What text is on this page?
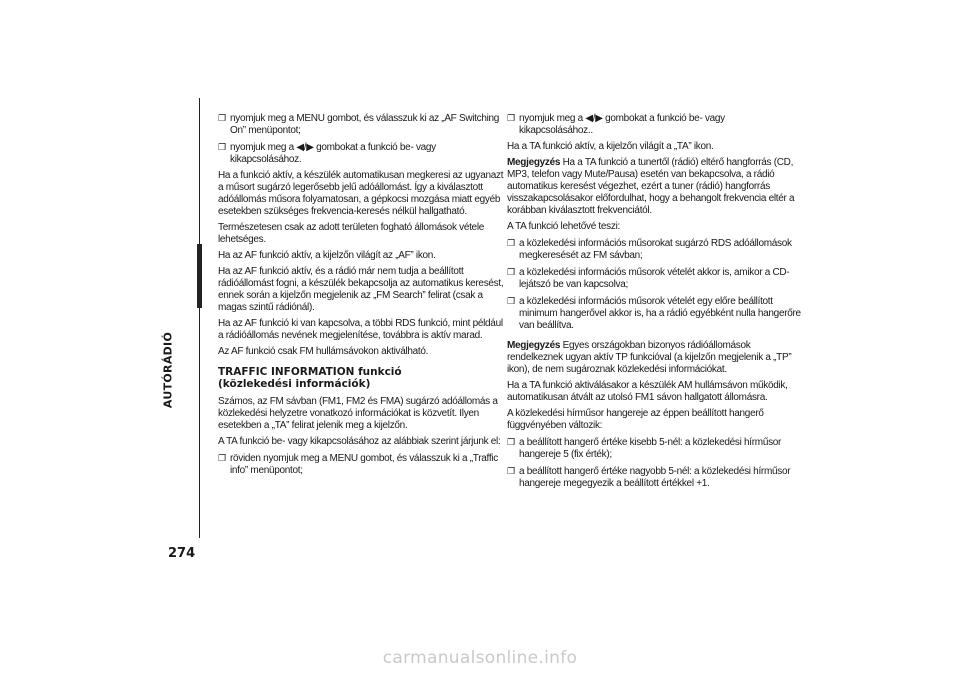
AUTÓRÁDIÓ
274

❐ nyomjuk meg a MENU gombot, és válasszuk ki az „AF Switching On” menüpontot;

❐ nyomjuk meg a ◀/▶ gombokat a funkció be- vagy kikapcsolásához.

Ha a funkció aktív, a készülék automatikusan megkeresi az ugyanazt a műsort sugárzó legerősebb jelű adóállomást. Így a kiválasztott adóállomás műsora folyamatosan, a gépkocsi mozgása miatt egyéb esetekben szükséges frekvencia-keresés nélkül hallgatható.

Természetesen csak az adott területen fogható állomások vétele lehetséges.

Ha az AF funkció aktív, a kijelzőn világít az „AF” ikon.

Ha az AF funkció aktív, és a rádió már nem tudja a beállított rádióállomást fogni, a készülék bekapcsolja az automatikus keresést, ennek során a kijelzőn megjelenik az „FM Search” felirat (csak a magas szintű rádiónál).

Ha az AF funkció ki van kapcsolva, a többi RDS funkció, mint például a rádióállomás nevének megjelenítése, továbbra is aktív marad.

Az AF funkció csak FM hullámsávokon aktiválható.

TRAFFIC INFORMATION funkció
(közlekedési információk)

Számos, az FM sávban (FM1, FM2 és FMA) sugárzó adóállomás a közlekedési helyzetre vonatkozó információkat is közvetít. Ilyen esetekben a „TA” felirat jelenik meg a kijelzőn.

A TA funkció be- vagy kikapcsolásához az alábbiak szerint járjunk el:

❐ röviden nyomjuk meg a MENU gombot, és válasszuk ki a „Traffic info” menüpontot;

❐ nyomjuk meg a ◀/▶ gombokat a funkció be- vagy kikapcsolásához..

Ha a TA funkció aktív, a kijelzőn világít a „TA” ikon.

Megjegyzés Ha a TA funkció a tunertől (rádió) eltérő hangforrás (CD, MP3, telefon vagy Mute/Pausa) esetén van bekapcsolva, a rádió automatikus keresést végezhet, ezért a tuner (rádió) hangforrás visszakapcsolásakor előfordulhat, hogy a behangolt frekvencia eltér a korábban kiválasztott frekvenciától.

A TA funkció lehetővé teszi:

❐ a közlekedési információs műsorokat sugárzó RDS adóállomások megkeresését az FM sávban;

❐ a közlekedési információs műsorok vételét akkor is, amikor a CD-lejátszó be van kapcsolva;

❐ a közlekedési információs műsorok vételét egy előre beállított minimum hangerővel akkor is, ha a rádió egyébként nulla hangerőre van beállítva.

Megjegyzés Egyes országokban bizonyos rádióállomások rendelkeznek ugyan aktív TP funkcióval (a kijelzőn megjelenik a „TP” ikon), de nem sugároznak közlekedési információkat.

Ha a TA funkció aktiválásakor a készülék AM hullámsávon működik, automatikusan átvált az utolsó FM1 sávon hallgatott állomásra.

A közlekedési hírműsor hangereje az éppen beállított hangerő függvényében változik:

❐ a beállított hangerő értéke kisebb 5-nél: a közlekedési hírműsor hangereje 5 (fix érték);

❐ a beállított hangerő értéke nagyobb 5-nél: a közlekedési hírműsor hangereje megegyezik a beállított értékkel +1.

carmanualsonline.info
